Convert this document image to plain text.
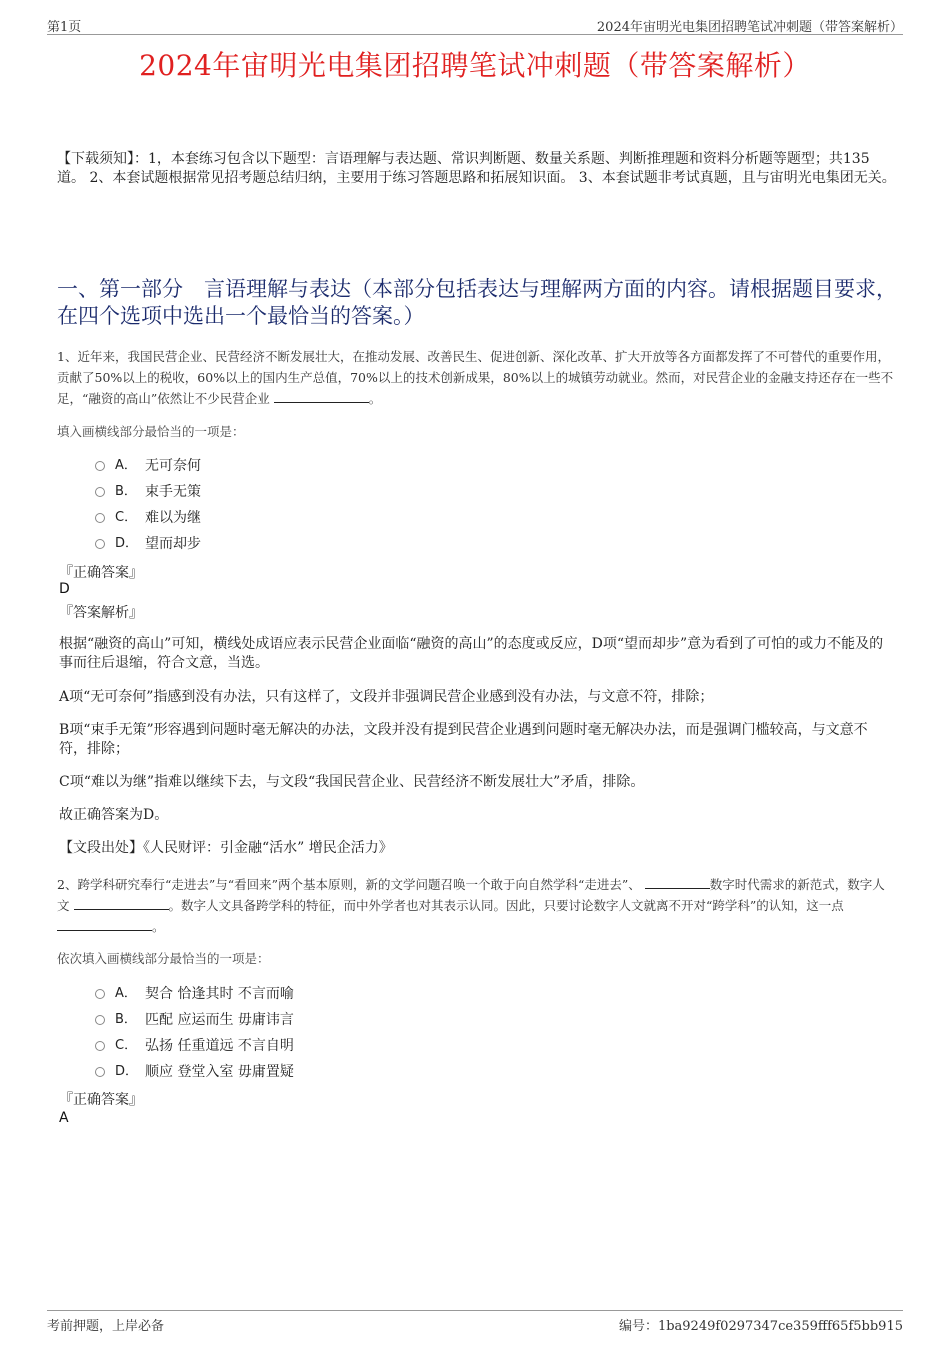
第1页	2024年宙明光电集团招聘笔试冲刺题（带答案解析）
2024年宙明光电集团招聘笔试冲刺题（带答案解析）
【下载须知】：1，本套练习包含以下题型：言语理解与表达题、常识判断题、数量关系题、判断推理题和资料分析题等题型；共135道。 2、本套试题根据常见招考题总结归纳，主要用于练习答题思路和拓展知识面。 3、本套试题非考试真题，且与宙明光电集团无关。
一、第一部分　言语理解与表达（本部分包括表达与理解两方面的内容。请根据题目要求，在四个选项中选出一个最恰当的答案。）
1、近年来，我国民营企业、民营经济不断发展壮大，在推动发展、改善民生、促进创新、深化改革、扩大开放等各方面都发挥了不可替代的重要作用，贡献了50%以上的税收，60%以上的国内生产总值，70%以上的技术创新成果，80%以上的城镇劳动就业。然而，对民营企业的金融支持还存在一些不足，“融资的高山”依然让不少民营企业	。
填入画横线部分最恰当的一项是：
A． 无可奈何
B． 束手无策
C． 难以为继
D． 望而却步
『正确答案』
D
『答案解析』
根据“融资的高山”可知，横线处成语应表示民营企业面临“融资的高山”的态度或反应，D项“望而却步”意为看到了可怕的或力不能及的事而往后退缩，符合文意，当选。
A项“无可奈何”指感到没有办法，只有这样了，文段并非强调民营企业感到没有办法，与文意不符，排除；
B项“束手无策”形容遇到问题时毫无解决的办法，文段并没有提到民营企业遇到问题时毫无解决办法，而是强调门槛较高，与文意不符，排除；
C项“难以为继”指难以继续下去，与文段“我国民营企业、民营经济不断发展壮大”矛盾，排除。
故正确答案为D。
【文段出处】《人民财评：引金融“活水” 增民企活力》
2、跨学科研究奉行“走进去”与“看回来”两个基本原则，新的文学问题召唤一个敢于向自然学科“走进去”、	数字时代需求的新范式，数字人文	。数字人文具备跨学科的特征，而中外学者也对其表示认同。因此，只要讨论数字人文就离不开对“跨学科”的认知，这一点 。
依次填入画横线部分最恰当的一项是：
A． 契合 恰逢其时 不言而喻
B． 匹配 应运而生 毋庸讳言
C． 弘扬 任重道远 不言自明
D． 顺应 登堂入室 毋庸置疑
『正确答案』
A
考前押题，上岸必备	编号：1ba9249f0297347ce359fff65f5bb915
